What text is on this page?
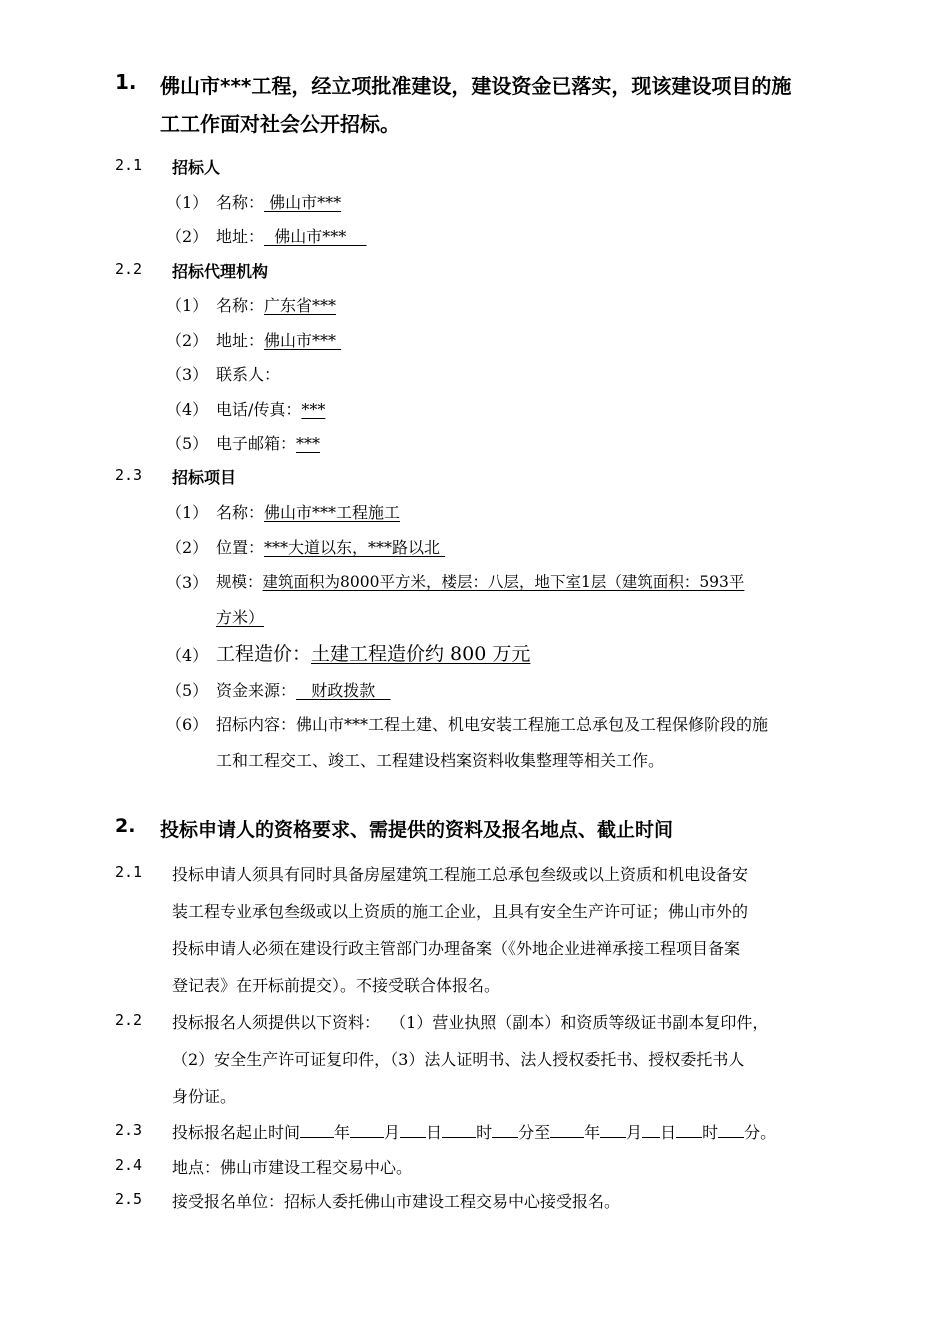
1. 佛山市***工程，经立项批准建设，建设资金已落实，现该建设项目的施
工工作面对社会公开招标。
2.1 招标人
（1） 名称： 佛山市***
（2） 地址：  佛山市***
2.2 招标代理机构
（1） 名称：广东省***
（2） 地址：佛山市***
（3） 联系人：
（4） 电话/传真：***
（5） 电子邮箱：***
2.3 招标项目
（1） 名称：佛山市***工程施工
（2） 位置：***大道以东，***路以北
（3） 规模：建筑面积为8000平方米，楼层：八层，地下室1层（建筑面积：593平
方米）
（4） 工程造价：土建工程造价约 800 万元
（5） 资金来源：   财政拨款
（6） 招标内容：佛山市***工程土建、机电安装工程施工总承包及工程保修阶段的施
工和工程交工、竣工、工程建设档案资料收集整理等相关工作。
2. 投标申请人的资格要求、需提供的资料及报名地点、截止时间
2.1 投标申请人须具有同时具备房屋建筑工程施工总承包叁级或以上资质和机电设备安
装工程专业承包叁级或以上资质的施工企业，且具有安全生产许可证；佛山市外的
投标申请人必须在建设行政主管部门办理备案（《外地企业进禅承接工程项目备案
登记表》在开标前提交）。不接受联合体报名。
2.2 投标报名人须提供以下资料：  （1）营业执照（副本）和资质等级证书副本复印件，
（2）安全生产许可证复印件，（3）法人证明书、法人授权委托书、授权委托书人
身份证。
2.3 投标报名起止时间 年 月 日 时 分至 年 月 日 时 分。
2.4 地点：佛山市建设工程交易中心。
2.5 接受报名单位：招标人委托佛山市建设工程交易中心接受报名。
